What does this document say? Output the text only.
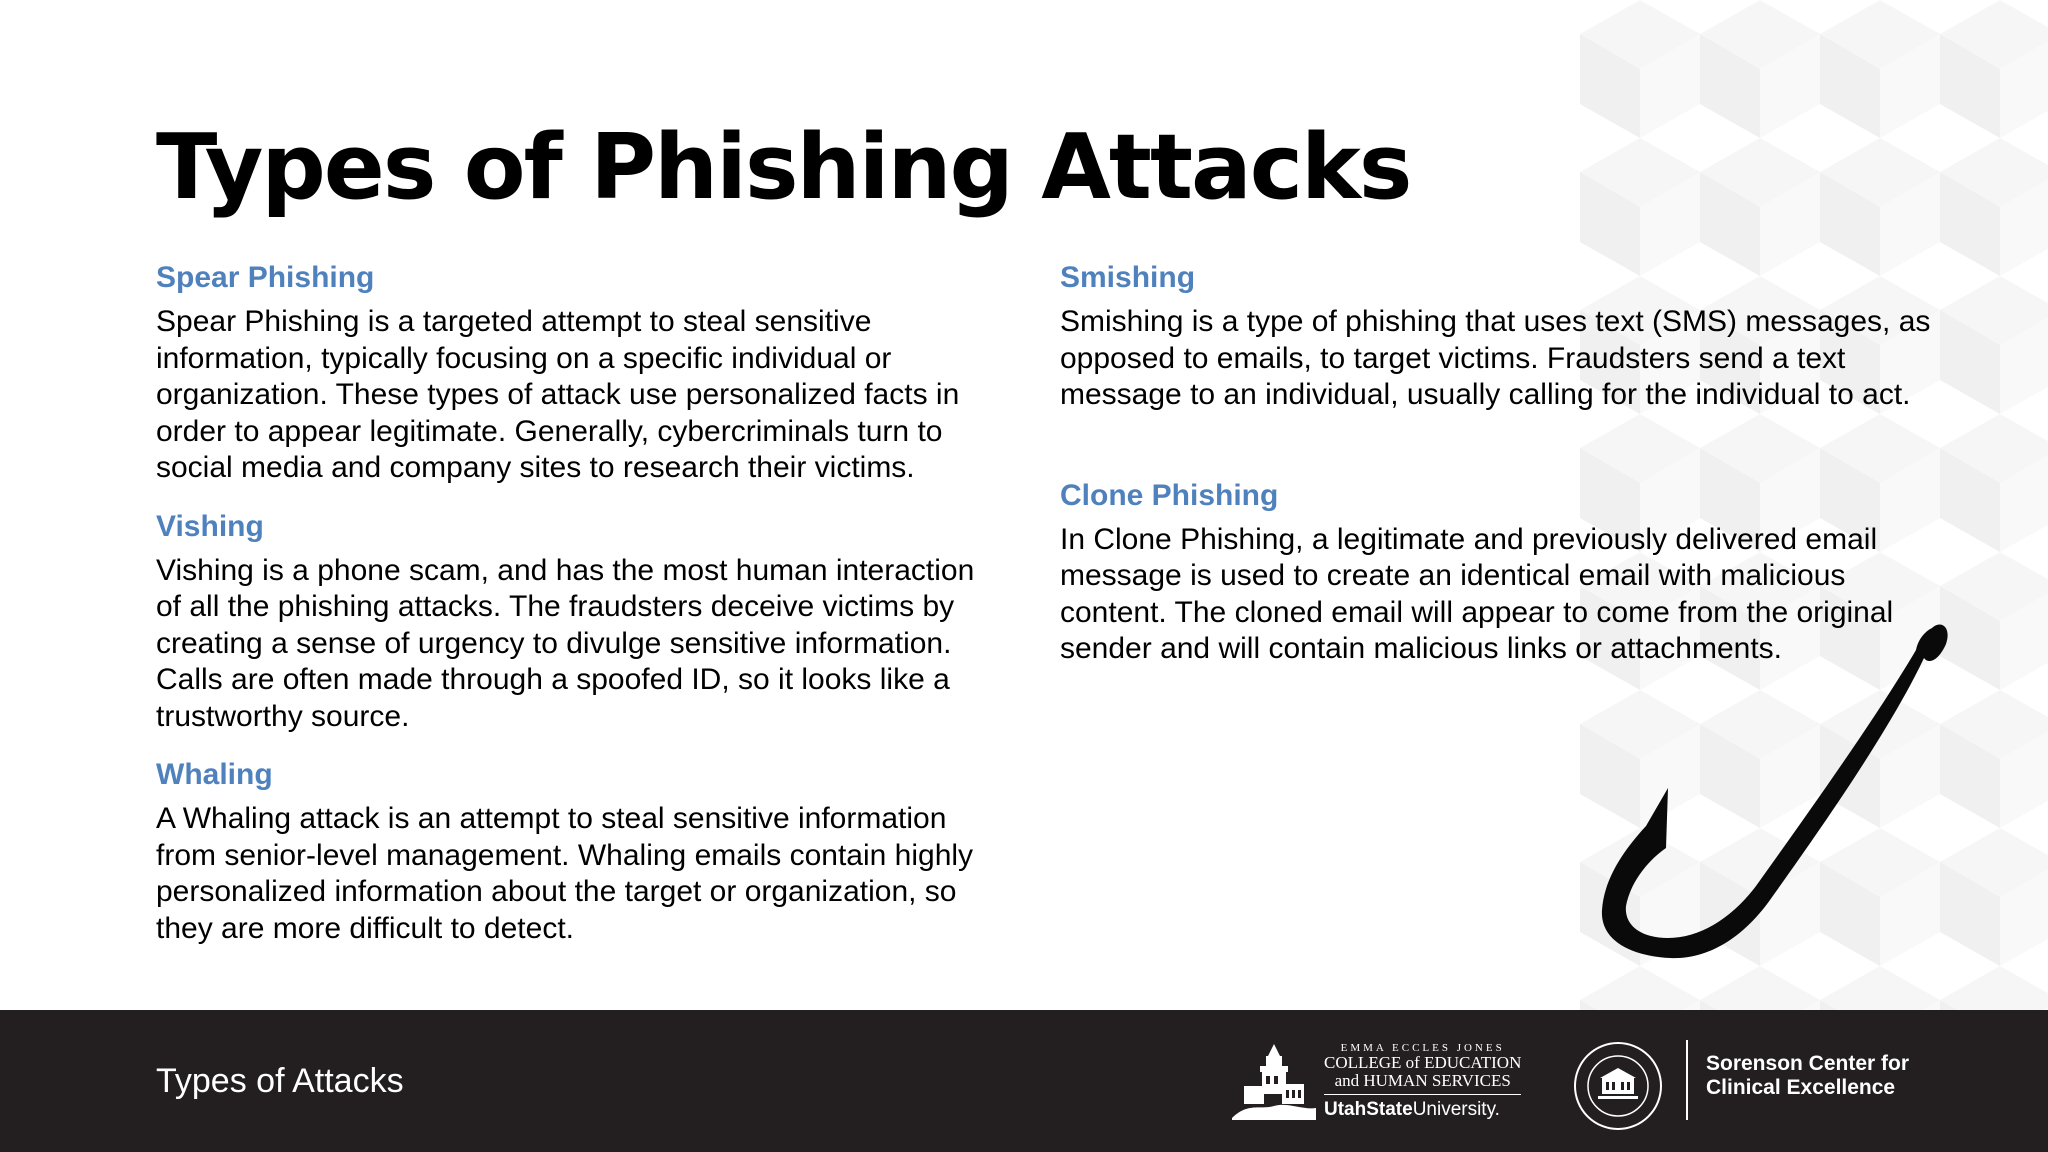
Types of Phishing Attacks
Spear Phishing
Spear Phishing is a targeted attempt to steal sensitive information, typically focusing on a specific individual or organization. These types of attack use personalized facts in order to appear legitimate. Generally, cybercriminals turn to social media and company sites to research their victims.
Vishing
Vishing is a phone scam, and has the most human interaction of all the phishing attacks. The fraudsters deceive victims by creating a sense of urgency to divulge sensitive information. Calls are often made through a spoofed ID, so it looks like a trustworthy source.
Whaling
A Whaling attack is an attempt to steal sensitive information from senior-level management. Whaling emails contain highly personalized information about the target or organization, so they are more difficult to detect.
Smishing
Smishing is a type of phishing that uses text (SMS) messages, as opposed to emails, to target victims. Fraudsters send a text message to an individual, usually calling for the individual to act.
Clone Phishing
In Clone Phishing, a legitimate and previously delivered email message is used to create an identical email with malicious content. The cloned email will appear to come from the original sender and will contain malicious links or attachments.
Types of Attacks
EMMA ECCLES JONES
COLLEGE of EDUCATION
and HUMAN SERVICES
UtahStateUniversity.
Sorenson Center for
Clinical Excellence
